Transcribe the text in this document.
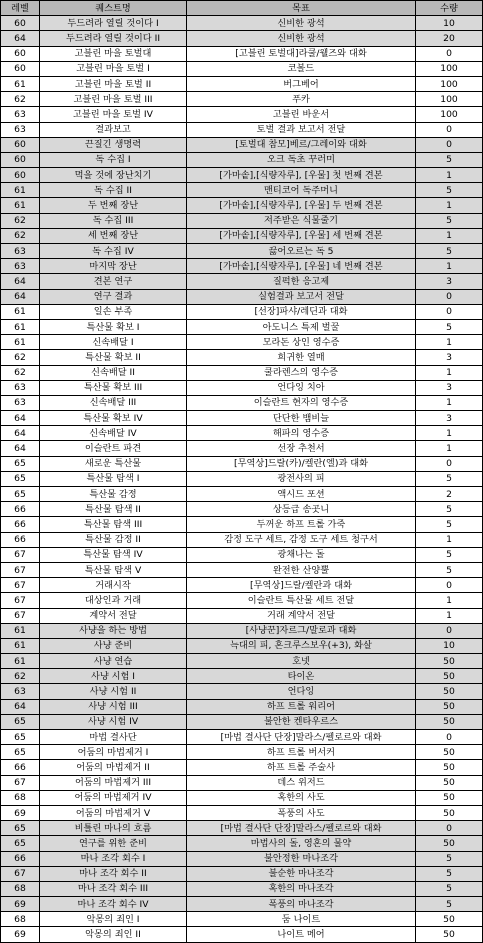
레벨	퀘스트명	목표	수량
60	두드려라 열릴 것이다 I	신비한 광석	10
64	두드려라 열릴 것이다 II	신비한 광석	20
60	고블린 마을 토벌대	[고블린 토벌대]라쿨/웰즈와 대화	0
60	고블린 마을 토벌 I	코볼드	100
61	고블린 마을 토벌 II	버그베어	100
62	고블린 마을 토벌 III	푸카	100
63	고블린 마을 토벌 IV	고블린 바운서	100
63	결과보고	토벌 결과 보고서 전달	0
60	끈질긴 생명력	[토벌대 참모]베르/그레이와 대화	0
60	독 수집 I	오크 독초 꾸러미	5
60	먹을 것에 장난치기	[가마솥],[식량자루], [우물] 첫 번째 견본	1
61	독 수집 II	맨티코어 독주머니	5
61	두 번째 장난	[가마솥],[식량자루], [우물] 두 번째 견본	1
62	독 수집 III	저주받은 식물줄기	5
62	세 번째 장난	[가마솥],[식량자루], [우물] 세 번째 견본	1
63	독 수집 IV	끓어오르는 독 5	5
63	마지막 장난	[가마솥],[식량자루], [우물] 네 번째 견본	1
64	견본 연구	질퍽한 응고제	3
64	연구 결과	실험결과 보고서 전달	0
61	일손 부족	[선장]파샤/레딘과 대화	0
61	특산물 확보 I	아도니스 특제 벌꿀	5
61	신속배달 I	모라돈 상인 영수증	1
62	특산물 확보 II	희귀한 열매	3
62	신속배달 II	쿨라렌스의 영수증	1
63	특산물 확보 III	언다잉 치아	3
63	신속배달 III	이슬란트 현자의 영수증	1
64	특산물 확보 IV	단단한 뱀비늘	3
64	신속배달 IV	해파의 영수증	1
64	이슬란트 파견	선장 추천서	1
65	새로운 특산물	[무역상]드랄(카)/켈란(엘)과 대화	0
65	특산물 탐색 I	광전사의 피	5
65	특산물 감정	액시드 포션	2
66	특산물 탐색 II	상등급 송곳니	5
66	특산물 탐색 III	두꺼운 하프 트롤 가죽	5
66	특산물 감정 II	감정 도구 세트, 감정 도구 세트 청구서	1
67	특산물 탐색 IV	광채나는 돌	5
67	특산물 탐색 V	완전한 산양뿔	5
67	거래시작	[무역상]드랄/켈란과 대화	0
67	대상인과 거래	이슬란트 특산물 세트 전달	1
67	계약서 전달	거래 계약서 전달	1
61	사냥을 하는 방법	[사냥꾼]자르그/말로과 대화	0
61	사냥 준비	늑대의 피, 혼크루스보우(+3), 화살	10
61	사냥 연습	호넷	50
62	사냥 시험 I	타이온	50
63	사냥 시험 II	언다잉	50
64	사냥 시험 III	하프 트롤 워리어	50
65	사냥 시험 IV	불안한 켄타우르스	50
65	마법 결사단	[마법 결사단 단장]말라스/펠로르와 대화	0
65	어둠의 마법제거 I	하프 트롤 버서커	50
66	어둠의 마법제거 II	하프 트롤 주술사	50
67	어둠의 마법제거 III	데스 위저드	50
68	어둠의 마법제거 IV	혹한의 사도	50
69	어둠의 마법제거 V	폭풍의 사도	50
65	비틀린 마나의 흐름	[마법 결사단 단장]말라스/펠로르와 대화	0
65	연구를 위한 준비	마법사의 돌, 영혼의 물약	50
66	마나 조각 회수 I	불안정한 마나조각	5
67	마나 조각 회수 II	불순한 마나조각	5
68	마나 조각 회수 III	혹한의 마나조각	5
69	마나 조각 회수 IV	폭풍의 마나조각	5
68	악몽의 죄인 I	둠 나이트	50
69	악몽의 죄인 II	나이트 메어	50
